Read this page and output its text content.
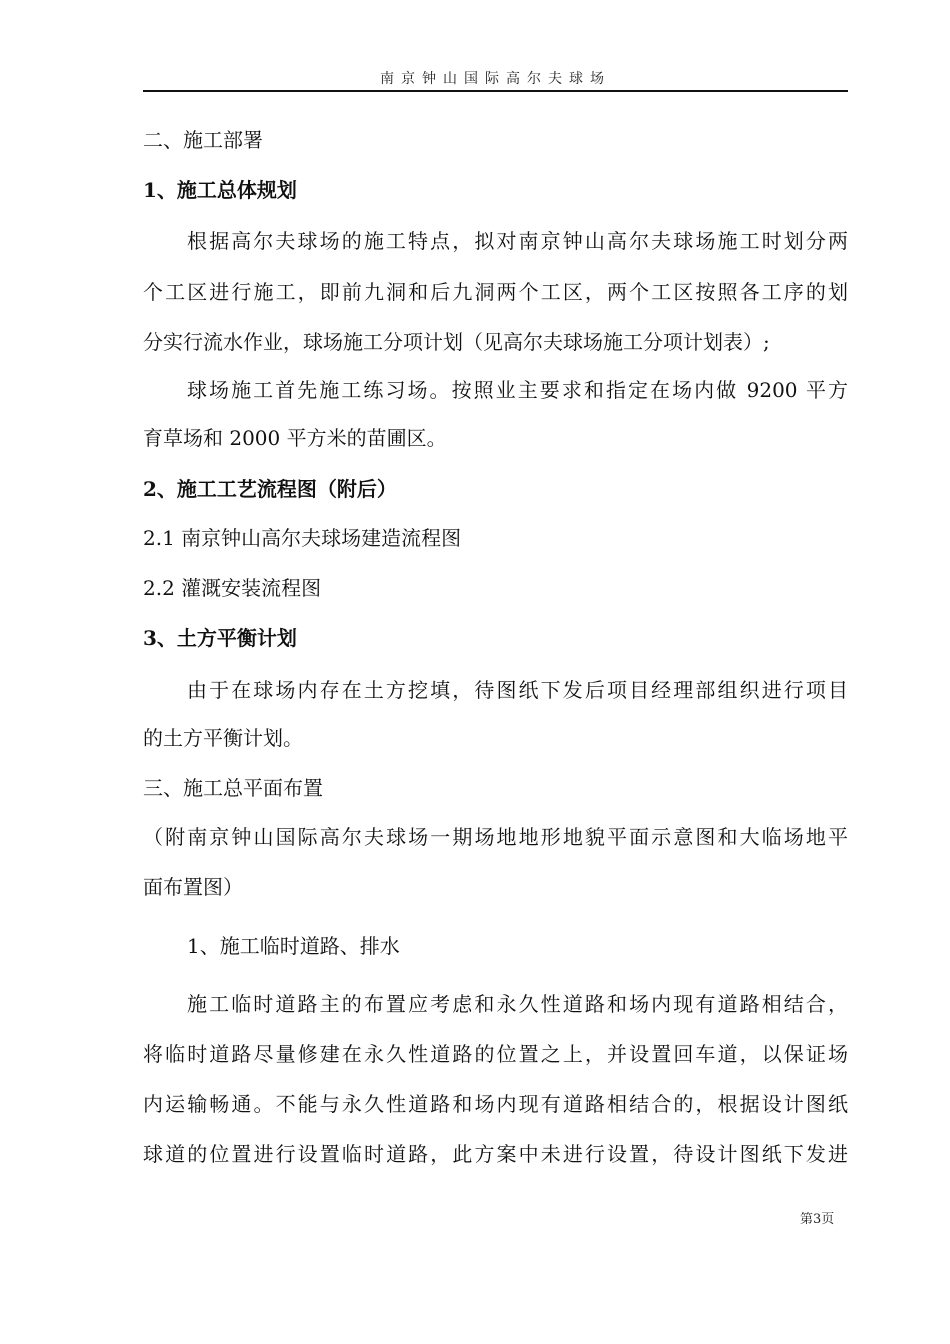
南京钟山国际高尔夫球场
二、施工部署
1、施工总体规划
根据高尔夫球场的施工特点，拟对南京钟山高尔夫球场施工时划分两
个工区进行施工，即前九洞和后九洞两个工区，两个工区按照各工序的划
分实行流水作业，球场施工分项计划（见高尔夫球场施工分项计划表）;
球场施工首先施工练习场。按照业主要求和指定在场内做 9200 平方
育草场和 2000 平方米的苗圃区。
2、施工工艺流程图（附后）
2.1 南京钟山高尔夫球场建造流程图
2.2 灌溉安装流程图
3、土方平衡计划
由于在球场内存在土方挖填，待图纸下发后项目经理部组织进行项目
的土方平衡计划。
三、施工总平面布置
（附南京钟山国际高尔夫球场一期场地地形地貌平面示意图和大临场地平
面布置图）
1、施工临时道路、排水
施工临时道路主的布置应考虑和永久性道路和场内现有道路相结合，
将临时道路尽量修建在永久性道路的位置之上，并设置回车道，以保证场
内运输畅通。不能与永久性道路和场内现有道路相结合的，根据设计图纸
球道的位置进行设置临时道路，此方案中未进行设置，待设计图纸下发进
第3页
